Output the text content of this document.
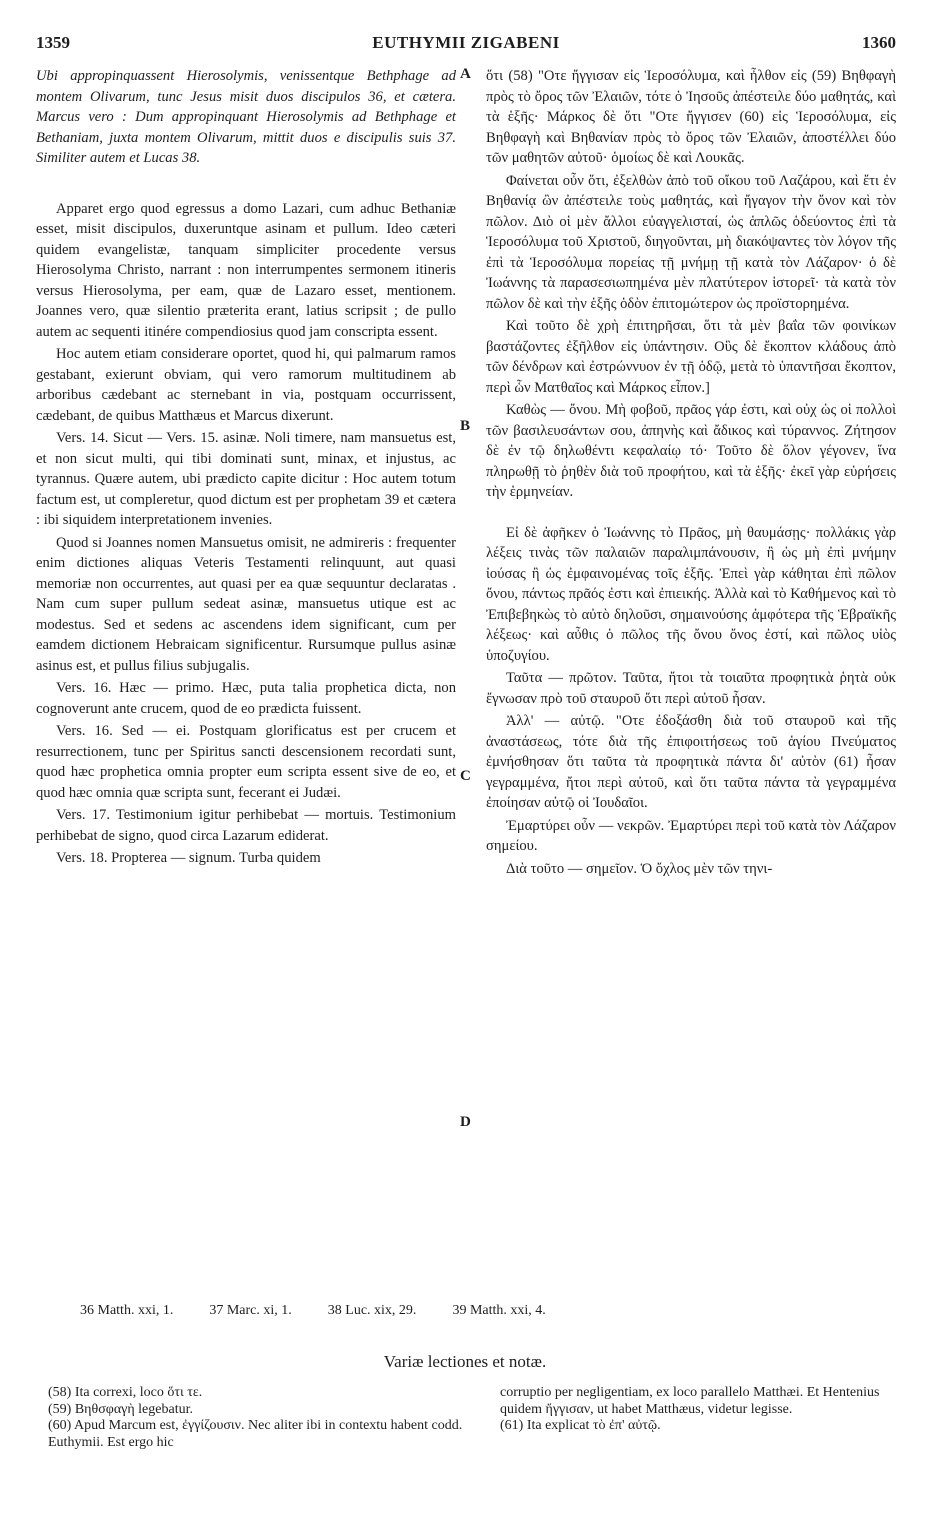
1359	EUTHYMII ZIGABENI	1360

Ubi appropinquassent Hierosolymis, venissentque Bethphage ad montem Olivarum, tunc Jesus misit duos discipulos 36, et cætera. Marcus vero : Dum appropinquant Hierosolymis ad Bethphage et Bethaniam, juxta montem Olivarum, mittit duos e discipulis suis 37. Similiter autem et Lucas 38.

Apparet ergo quod egressus a domo Lazari, cum adhuc Bethaniæ esset, misit discipulos, duxeruntque asinam et pullum. Ideo cæteri quidem evangelistæ, tanquam simpliciter procedente versus Hierosolyma Christo, narrant : non interrumpentes sermonem itineris versus Hierosolyma, per eam, quæ de Lazaro esset, mentionem. Joannes vero, quæ silentio præterita erant, latius scripsit ; de pullo autem ac sequenti itinére compendiosius quod jam conscripta essent.

Hoc autem etiam considerare oportet, quod hi, qui palmarum ramos gestabant, exierunt obviam, qui vero ramorum multitudinem ab arboribus cædebant ac sternebant in via, postquam occurrissent, cædebant, de quibus Matthæus et Marcus dixerunt.

Vers. 14. Sicut — Vers. 15. asinæ. Noli timere, nam mansuetus est, et non sicut multi, qui tibi dominati sunt, minax, et injustus, ac tyrannus. Quære autem, ubi prædicto capite dicitur : Hoc autem totum factum est, ut compleretur, quod dictum est per prophetam 39 et cætera : ibi siquidem interpretationem invenies.

Quod si Joannes nomen Mansuetus omisit, ne admireris : frequenter enim dictiones aliquas Veteris Testamenti relinquunt, aut quasi memoriæ non occurrentes, aut quasi per ea quæ sequuntur declaratas . Nam cum super pullum sedeat asinæ, mansuetus utique est ac modestus. Sed et sedens ac ascendens idem significant, cum per eamdem dictionem Hebraicam significentur. Rursumque pullus asinæ asinus est, et pullus filius subjugalis.

Vers. 16. Hæc — primo. Hæc, puta talia prophetica dicta, non cognoverunt ante crucem, quod de eo prædicta fuissent.

Vers. 16. Sed — ei. Postquam glorificatus est per crucem et resurrectionem, tunc per Spiritus sancti descensionem recordati sunt, quod hæc prophetica omnia propter eum scripta essent sive de eo, et quod hæc omnia quæ scripta sunt, fecerant ei Judæi.

Vers. 17. Testimonium igitur perhibebat — mortuis. Testimonium perhibebat de signo, quod circa Lazarum ediderat.

Vers. 18. Propterea — signum. Turba quidem

A
B
C
D

ὅτι (58) "Οτε ἤγγισαν εἰς Ἱεροσόλυμα, καὶ ἦλθον εἰς (59) Βηθφαγὴ πρὸς τὸ ὄρος τῶν Ἐλαιῶν, τότε ὁ Ἰησοῦς ἀπέστειλε δύο μαθητάς, καὶ τὰ ἑξῆς· Μάρκος δὲ ὅτι "Οτε ἤγγισεν (60) εἰς Ἱεροσόλυμα, εἰς Βηθφαγὴ καὶ Βηθανίαν πρὸς τὸ ὄρος τῶν Ἐλαιῶν, ἀποστέλλει δύο τῶν μαθητῶν αὐτοῦ· ὁμοίως δὲ καὶ Λουκᾶς.

Φαίνεται οὖν ὅτι, ἐξελθὼν ἀπὸ τοῦ οἴκου τοῦ Λαζάρου, καὶ ἔτι ἐν Βηθανίᾳ ὢν ἀπέστειλε τοὺς μαθητάς, καὶ ἤγαγον τὴν ὄνον καὶ τὸν πῶλον. Διὸ οἱ μὲν ἄλλοι εὐαγγελισταί, ὡς ἁπλῶς ὁδεύοντος ἐπὶ τὰ Ἱεροσόλυμα τοῦ Χριστοῦ, διηγοῦνται, μὴ διακόψαντες τὸν λόγον τῆς ἐπὶ τὰ Ἱεροσόλυμα πορείας τῇ μνήμῃ τῇ κατὰ τὸν Λάζαρον· ὁ δὲ Ἰωάννης τὰ παρασεσιωπημένα μὲν πλατύτερον ἱστορεῖ· τὰ κατὰ τὸν πῶλον δὲ καὶ τὴν ἑξῆς ὁδὸν ἐπιτομώτερον ὡς προϊστορημένα.

Καὶ τοῦτο δὲ χρὴ ἐπιτηρῆσαι, ὅτι τὰ μὲν βαΐα τῶν φοινίκων βαστάζοντες ἐξῆλθον εἰς ὑπάντησιν. Οὓς δὲ ἔκοπτον κλάδους ἀπὸ τῶν δένδρων καὶ ἐστρώννυον ἐν τῇ ὁδῷ, μετὰ τὸ ὑπαντῆσαι ἔκοπτον, περὶ ὧν Ματθαῖος καὶ Μάρκος εἶπον.]

Καθὼς — ὄνου. Μὴ φοβοῦ, πρᾶος γάρ ἐστι, καὶ οὐχ ὡς οἱ πολλοὶ τῶν βασιλευσάντων σου, ἀπηνὴς καὶ ἄδικος καὶ τύραννος. Ζήτησον δὲ ἐν τῷ δηλωθέντι κεφαλαίῳ τό· Τοῦτο δὲ ὅλον γέγονεν, ἵνα πληρωθῇ τὸ ῥηθὲν διὰ τοῦ προφήτου, καὶ τὰ ἑξῆς· ἐκεῖ γὰρ εὑρήσεις τὴν ἑρμηνείαν.

Εἰ δὲ ἀφῆκεν ὁ Ἰωάννης τὸ Πρᾶος, μὴ θαυμάσῃς· πολλάκις γὰρ λέξεις τινὰς τῶν παλαιῶν παραλιμπάνουσιν, ἢ ὡς μὴ ἐπὶ μνήμην ἰούσας ἢ ὡς ἐμφαινομένας τοῖς ἑξῆς. Ἐπεὶ γὰρ κάθηται ἐπὶ πῶλον ὄνου, πάντως πρᾶός ἐστι καὶ ἐπιεικής. Ἀλλὰ καὶ τὸ Καθήμενος καὶ τὸ Ἐπιβεβηκὼς τὸ αὐτὸ δηλοῦσι, σημαινούσης ἀμφότερα τῆς Ἑβραϊκῆς λέξεως· καὶ αὖθις ὁ πῶλος τῆς ὄνου ὄνος ἐστί, καὶ πῶλος υἱὸς ὑποζυγίου.

Ταῦτα — πρῶτον. Ταῦτα, ἤτοι τὰ τοιαῦτα προφητικὰ ῥητὰ οὐκ ἔγνωσαν πρὸ τοῦ σταυροῦ ὅτι περὶ αὐτοῦ ἦσαν.

Ἀλλ' — αὐτῷ. "Οτε ἐδοξάσθη διὰ τοῦ σταυροῦ καὶ τῆς ἀναστάσεως, τότε διὰ τῆς ἐπιφοιτήσεως τοῦ ἁγίου Πνεύματος ἐμνήσθησαν ὅτι ταῦτα τὰ προφητικὰ πάντα δι' αὐτὸν (61) ἦσαν γεγραμμένα, ἤτοι περὶ αὐτοῦ, καὶ ὅτι ταῦτα πάντα τὰ γεγραμμένα ἐποίησαν αὐτῷ οἱ Ἰουδαῖοι.

Ἐμαρτύρει οὖν — νεκρῶν. Ἐμαρτύρει περὶ τοῦ κατὰ τὸν Λάζαρον σημείου.

Διὰ τοῦτο — σημεῖον. Ὁ ὄχλος μὲν τῶν τηνι-

36 Matth. xxi, 1.	37 Marc. xi, 1.	38 Luc. xix, 29.	39 Matth. xxi, 4.
Variæ lectiones et notæ.

(58) Ita correxi, loco ὅτι τε.

(59) Βηθσφαγὴ legebatur.

(60) Apud Marcum est, ἐγγίζουσιν. Nec aliter ibi in contextu habent codd. Euthymii. Est ergo hic

corruptio per negligentiam, ex loco parallelo Matthæi. Et Hentenius quidem ἤγγισαν, ut habet Matthæus, videtur legisse.

(61) Ita explicat τὸ ἐπ' αὐτῷ.
